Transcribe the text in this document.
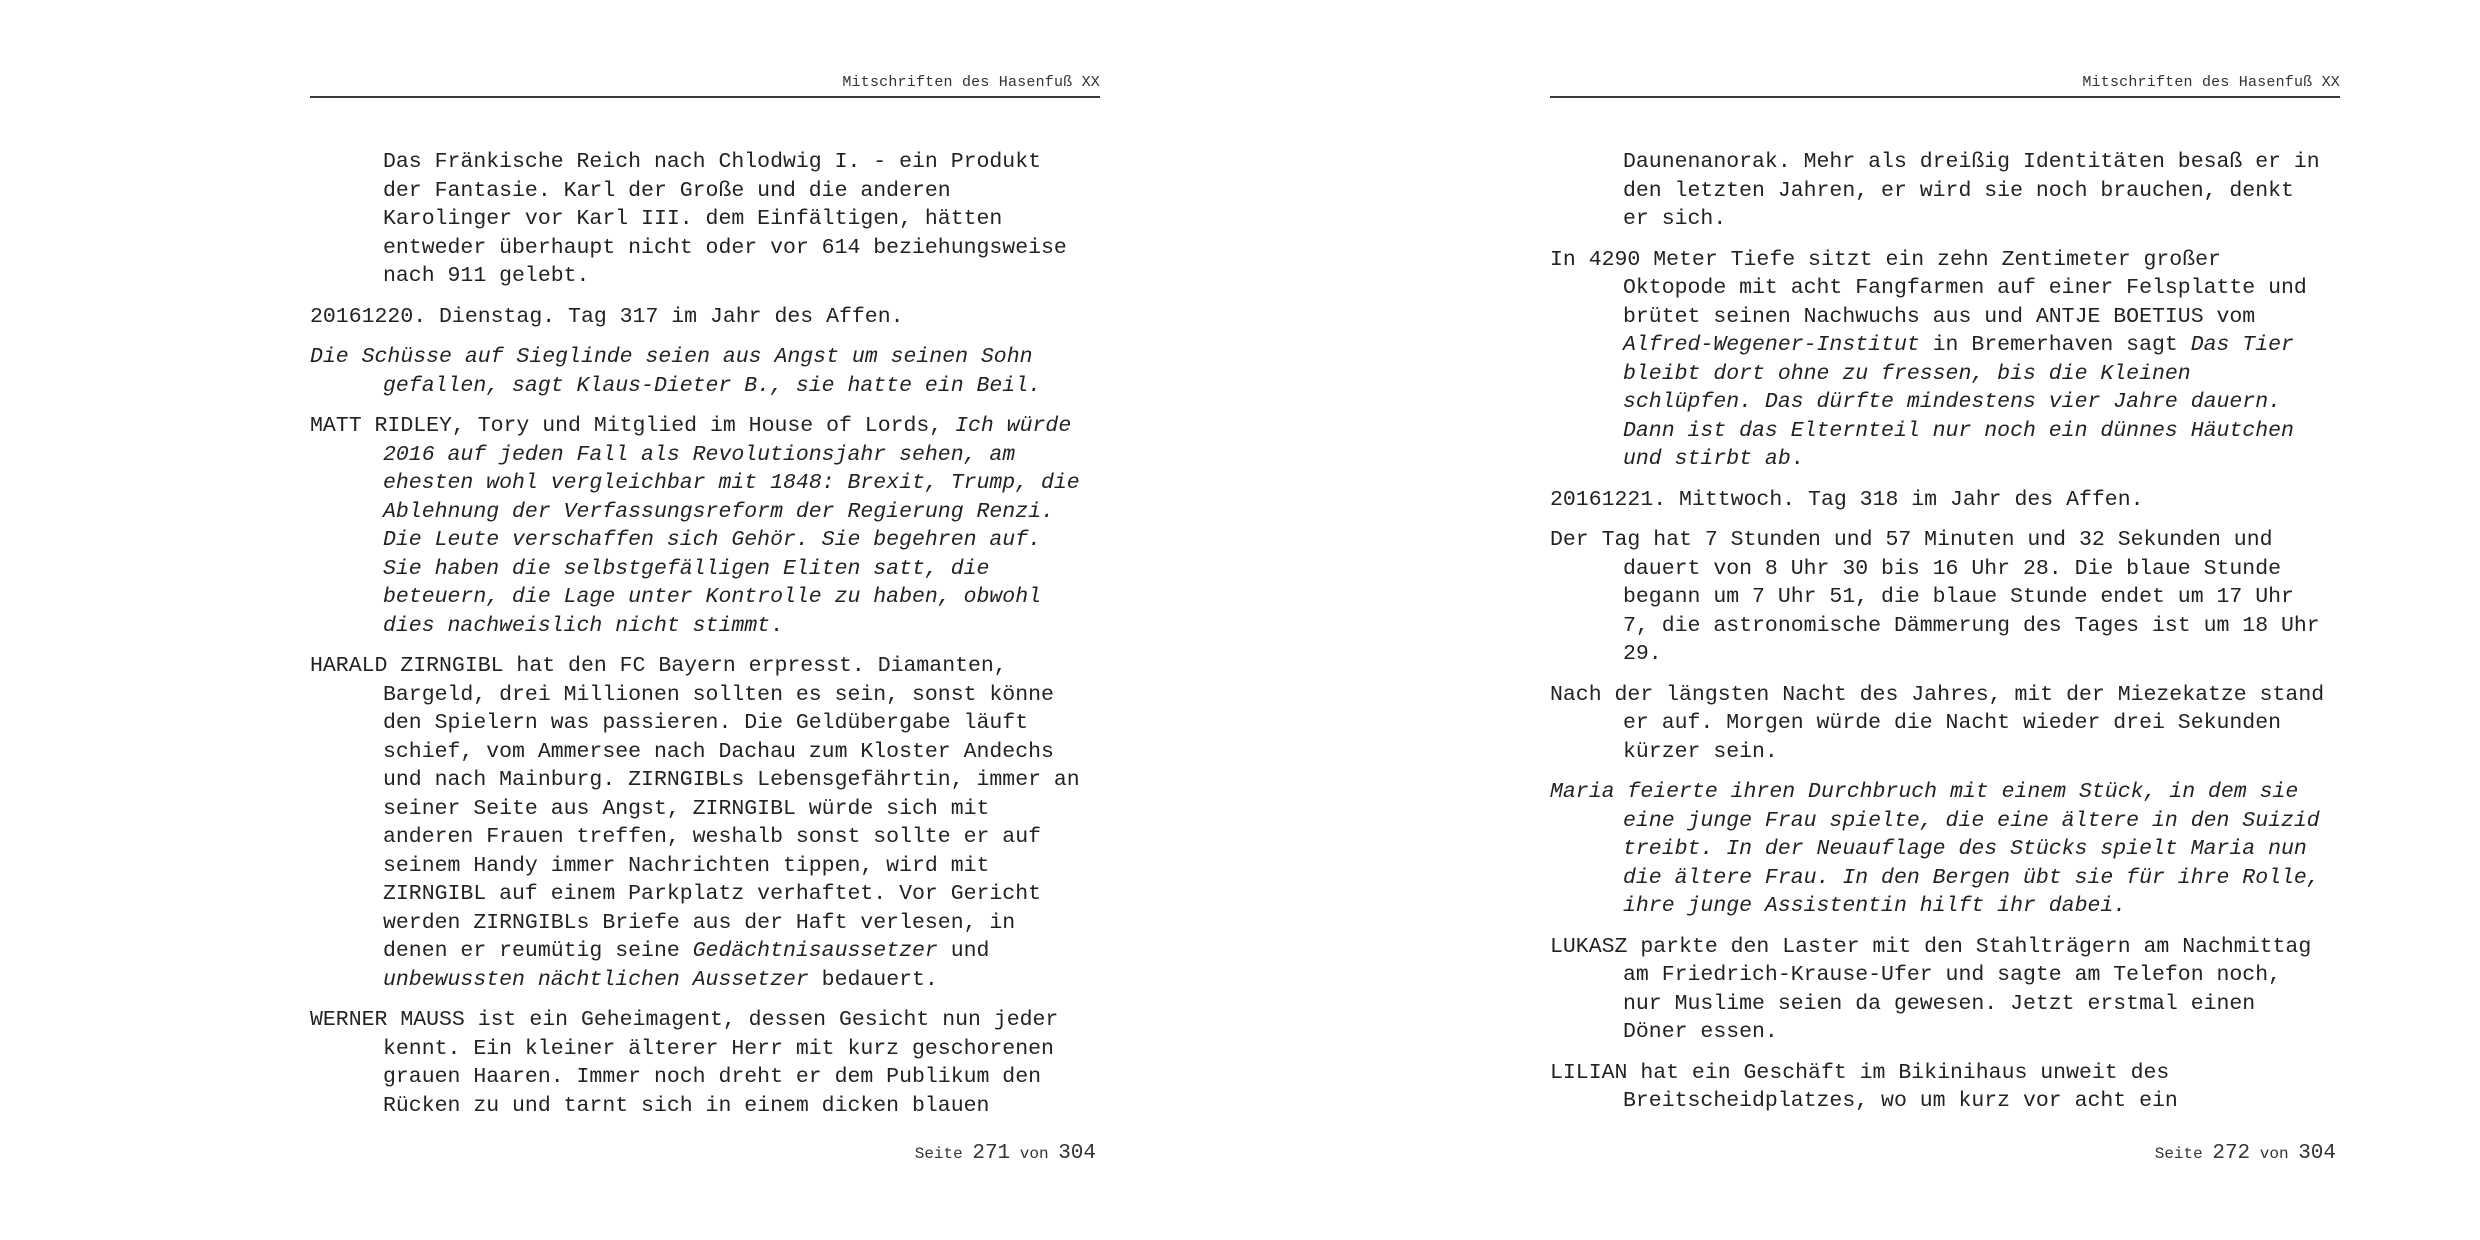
Mitschriften des Hasenfuß XX

Das Fränkische Reich nach Chlodwig I. - ein Produkt
der Fantasie. Karl der Große und die anderen
Karolinger vor Karl III. dem Einfältigen, hätten
entweder überhaupt nicht oder vor 614 beziehungsweise
nach 911 gelebt.

20161220. Dienstag. Tag 317 im Jahr des Affen.

Die Schüsse auf Sieglinde seien aus Angst um seinen Sohn
gefallen, sagt Klaus-Dieter B., sie hatte ein Beil.

MATT RIDLEY, Tory und Mitglied im House of Lords, Ich würde
2016 auf jeden Fall als Revolutionsjahr sehen, am
ehesten wohl vergleichbar mit 1848: Brexit, Trump, die
Ablehnung der Verfassungsreform der Regierung Renzi.
Die Leute verschaffen sich Gehör. Sie begehren auf.
Sie haben die selbstgefälligen Eliten satt, die
beteuern, die Lage unter Kontrolle zu haben, obwohl
dies nachweislich nicht stimmt.

HARALD ZIRNGIBL hat den FC Bayern erpresst. Diamanten,
Bargeld, drei Millionen sollten es sein, sonst könne
den Spielern was passieren. Die Geldübergabe läuft
schief, vom Ammersee nach Dachau zum Kloster Andechs
und nach Mainburg. ZIRNGIBLs Lebensgefährtin, immer an
seiner Seite aus Angst, ZIRNGIBL würde sich mit
anderen Frauen treffen, weshalb sonst sollte er auf
seinem Handy immer Nachrichten tippen, wird mit
ZIRNGIBL auf einem Parkplatz verhaftet. Vor Gericht
werden ZIRNGIBLs Briefe aus der Haft verlesen, in
denen er reumütig seine Gedächtnisaussetzer und
unbewussten nächtlichen Aussetzer bedauert.

WERNER MAUSS ist ein Geheimagent, dessen Gesicht nun jeder
kennt. Ein kleiner älterer Herr mit kurz geschorenen
grauen Haaren. Immer noch dreht er dem Publikum den
Rücken zu und tarnt sich in einem dicken blauen

Seite 271 von 304
Mitschriften des Hasenfuß XX

Daunenanorak. Mehr als dreißig Identitäten besaß er in
den letzten Jahren, er wird sie noch brauchen, denkt
er sich.

In 4290 Meter Tiefe sitzt ein zehn Zentimeter großer
Oktopode mit acht Fangfarmen auf einer Felsplatte und
brütet seinen Nachwuchs aus und ANTJE BOETIUS vom
Alfred-Wegener-Institut in Bremerhaven sagt Das Tier
bleibt dort ohne zu fressen, bis die Kleinen
schlüpfen. Das dürfte mindestens vier Jahre dauern.
Dann ist das Elternteil nur noch ein dünnes Häutchen
und stirbt ab.

20161221. Mittwoch. Tag 318 im Jahr des Affen.

Der Tag hat 7 Stunden und 57 Minuten und 32 Sekunden und
dauert von 8 Uhr 30 bis 16 Uhr 28. Die blaue Stunde
begann um 7 Uhr 51, die blaue Stunde endet um 17 Uhr
7, die astronomische Dämmerung des Tages ist um 18 Uhr
29.

Nach der längsten Nacht des Jahres, mit der Miezekatze stand
er auf. Morgen würde die Nacht wieder drei Sekunden
kürzer sein.

Maria feierte ihren Durchbruch mit einem Stück, in dem sie
eine junge Frau spielte, die eine ältere in den Suizid
treibt. In der Neuauflage des Stücks spielt Maria nun
die ältere Frau. In den Bergen übt sie für ihre Rolle,
ihre junge Assistentin hilft ihr dabei.

LUKASZ parkte den Laster mit den Stahlträgern am Nachmittag
am Friedrich-Krause-Ufer und sagte am Telefon noch,
nur Muslime seien da gewesen. Jetzt erstmal einen
Döner essen.

LILIAN hat ein Geschäft im Bikinihaus unweit des
Breitscheidplatzes, wo um kurz vor acht ein

Seite 272 von 304
